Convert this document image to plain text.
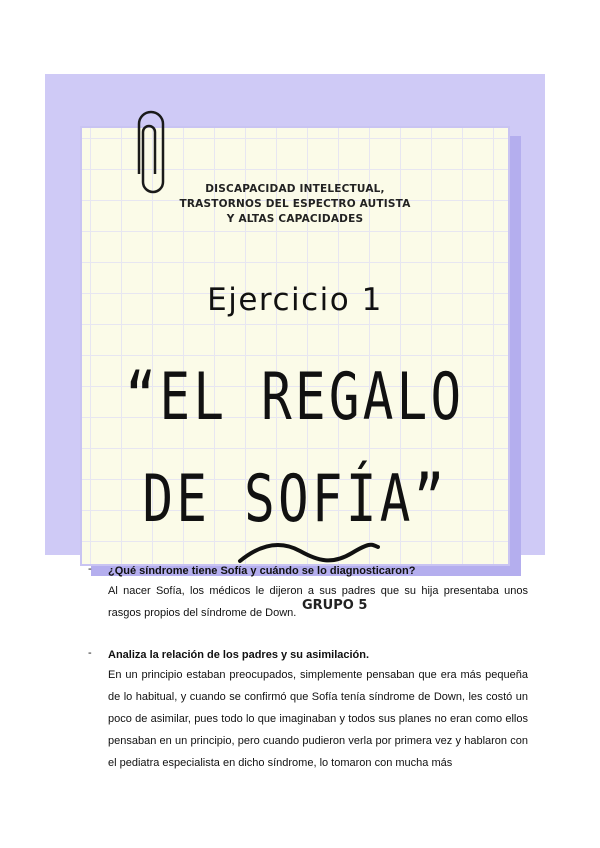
DISCAPACIDAD INTELECTUAL,
TRASTORNOS DEL ESPECTRO AUTISTA
Y ALTAS CAPACIDADES
Ejercicio 1
“EL REGALO
DE SOFÍA”
GRUPO 5
- ¿Qué síndrome tiene Sofía y cuándo se lo diagnosticaron?
Al nacer Sofía, los médicos le dijeron a sus padres que su hija presentaba unos rasgos propios del síndrome de Down.
- Analiza la relación de los padres y su asimilación.
En un principio estaban preocupados, simplemente pensaban que era más pequeña de lo habitual, y cuando se confirmó que Sofía tenía síndrome de Down, les costó un poco de asimilar, pues todo lo que imaginaban y todos sus planes no eran como ellos pensaban en un principio, pero cuando pudieron verla por primera vez y hablaron con el pediatra especialista en dicho síndrome, lo tomaron con mucha más
